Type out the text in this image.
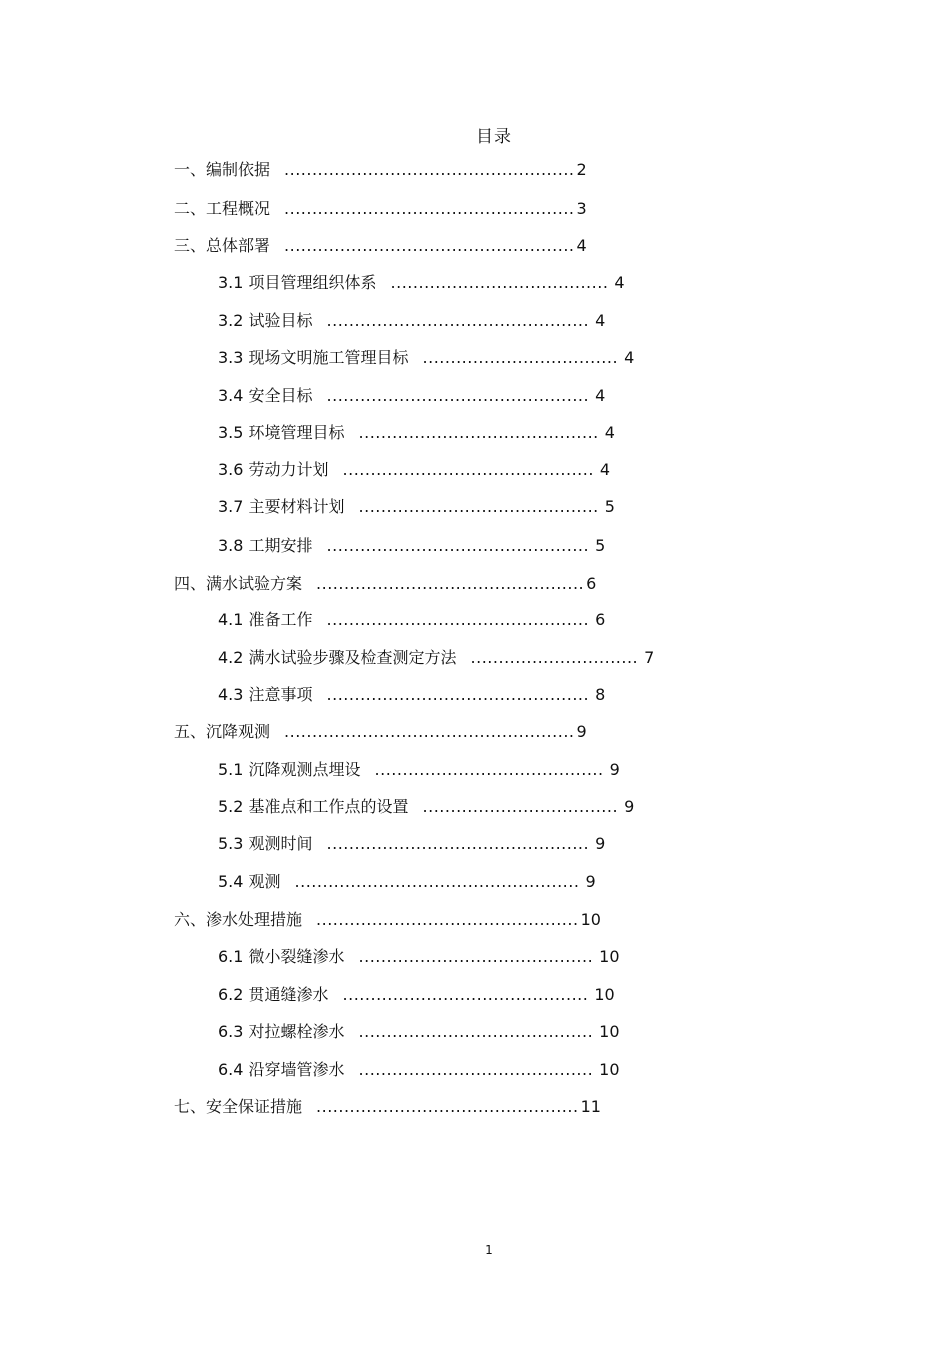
目录
一、编制依据 .................................................... 2
二、工程概况 .................................................... 3
三、总体部署 .................................................... 4
3.1 项目管理组织体系 ....................................... 4
3.2 试验目标 ............................................... 4
3.3 现场文明施工管理目标 ................................... 4
3.4 安全目标 ............................................... 4
3.5 环境管理目标 ........................................... 4
3.6 劳动力计划 ............................................. 4
3.7 主要材料计划 ........................................... 5
3.8 工期安排 ............................................... 5
四、满水试验方案 ................................................ 6
4.1 准备工作 ............................................... 6
4.2 满水试验步骤及检查测定方法 .............................. 7
4.3 注意事项 ............................................... 8
五、沉降观测 .................................................... 9
5.1 沉降观测点埋设 ......................................... 9
5.2 基准点和工作点的设置 ................................... 9
5.3 观测时间 ............................................... 9
5.4 观测 ................................................... 9
六、渗水处理措施 ............................................... 10
6.1 微小裂缝渗水 .......................................... 10
6.2 贯通缝渗水 ............................................ 10
6.3 对拉螺栓渗水 .......................................... 10
6.4 沿穿墙管渗水 .......................................... 10
七、安全保证措施 ............................................... 11
1
